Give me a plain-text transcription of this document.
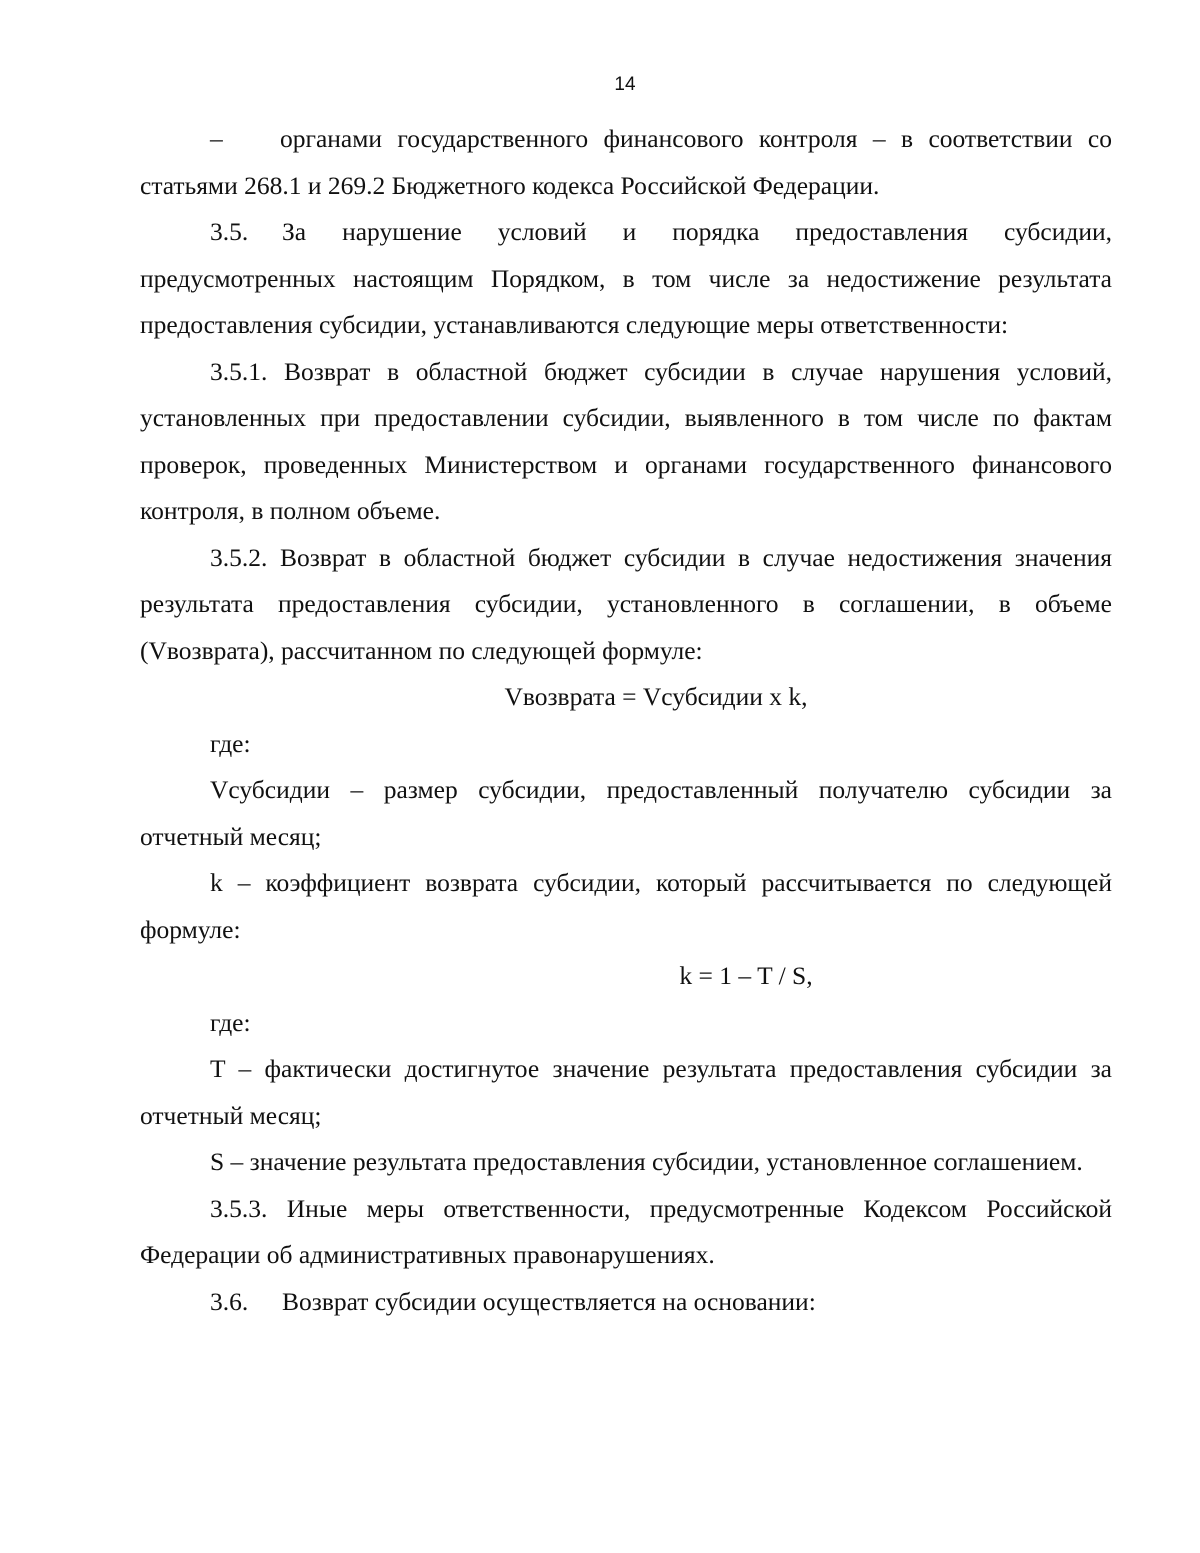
14

– органами государственного финансового контроля – в соответствии со статьями 268.1 и 269.2 Бюджетного кодекса Российской Федерации.

3.5. За нарушение условий и порядка предоставления субсидии, предусмотренных настоящим Порядком, в том числе за недостижение результата предоставления субсидии, устанавливаются следующие меры ответственности:

3.5.1. Возврат в областной бюджет субсидии в случае нарушения условий, установленных при предоставлении субсидии, выявленного в том числе по фактам проверок, проведенных Министерством и органами государственного финансового контроля, в полном объеме.

3.5.2. Возврат в областной бюджет субсидии в случае недостижения значения результата предоставления субсидии, установленного в соглашении, в объеме (Vвозврата), рассчитанном по следующей формуле:

Vвозврата = Vсубсидии x k,

где:

Vсубсидии – размер субсидии, предоставленный получателю субсидии за отчетный месяц;

k – коэффициент возврата субсидии, который рассчитывается по следующей формуле:

k = 1 – T / S,

где:

T – фактически достигнутое значение результата предоставления субсидии за отчетный месяц;

S – значение результата предоставления субсидии, установленное соглашением.

3.5.3. Иные меры ответственности, предусмотренные Кодексом Российской Федерации об административных правонарушениях.

3.6. Возврат субсидии осуществляется на основании:
